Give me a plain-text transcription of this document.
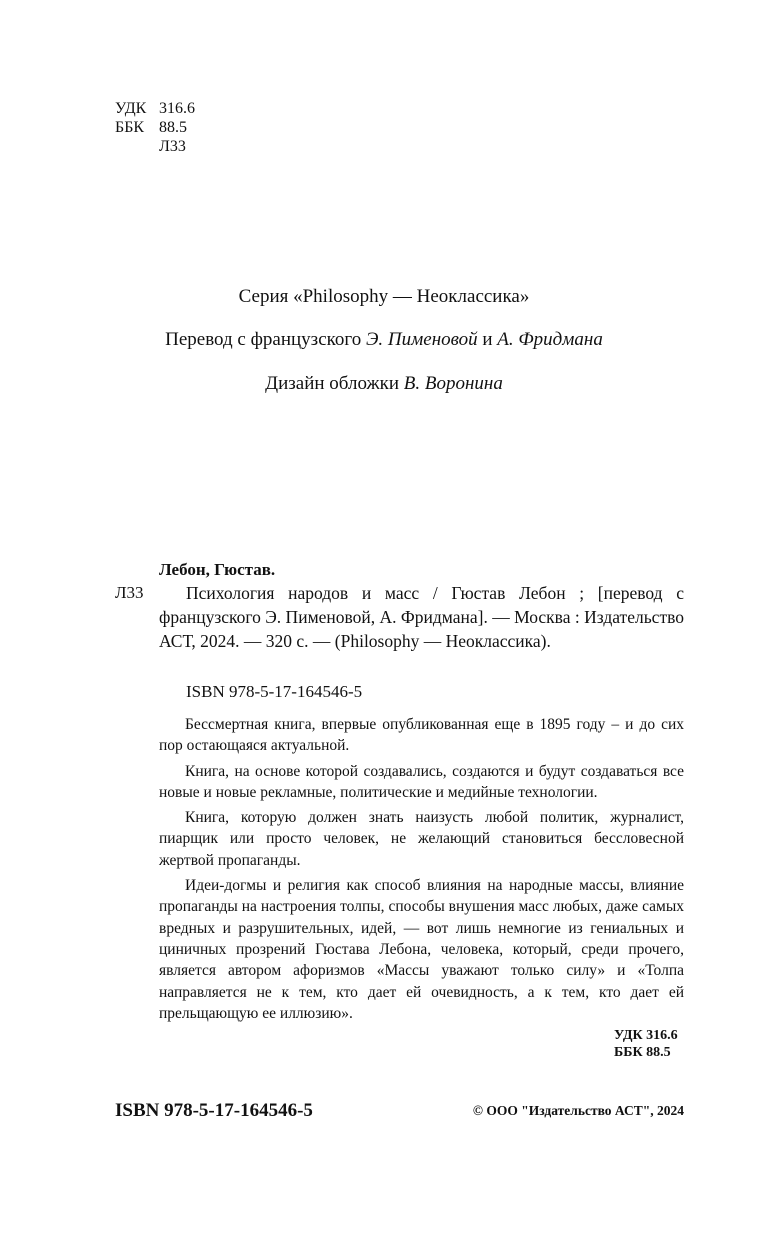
УДК 316.6
ББК 88.5
Л33
Серия «Philosophy — Неоклассика»
Перевод с французского Э. Пименовой и А. Фридмана
Дизайн обложки В. Воронина
Лебон, Гюстав.
Л33	Психология народов и масс / Гюстав Лебон ; [перевод с французского Э. Пименовой, А. Фридмана]. — Москва : Издательство АСТ, 2024. — 320 с. — (Philosophy — Неоклассика).
ISBN 978-5-17-164546-5

Бессмертная книга, впервые опубликованная еще в 1895 году – и до сих пор остающаяся актуальной.

Книга, на основе которой создавались, создаются и будут создаваться все новые и новые рекламные, политические и медийные технологии.

Книга, которую должен знать наизусть любой политик, журналист, пиарщик или просто человек, не желающий становиться бессловесной жертвой пропаганды.

Идеи-догмы и религия как способ влияния на народные массы, влияние пропаганды на настроения толпы, способы внушения масс любых, даже самых вредных и разрушительных, идей, — вот лишь немногие из гениальных и циничных прозрений Гюстава Лебона, человека, который, среди прочего, является автором афоризмов «Массы уважают только силу» и «Толпа направляется не к тем, кто дает ей очевидность, а к тем, кто дает ей прельщающую ее иллюзию».

УДК 316.6
ББК 88.5
ISBN 978-5-17-164546-5	© ООО "Издательство АСТ", 2024
